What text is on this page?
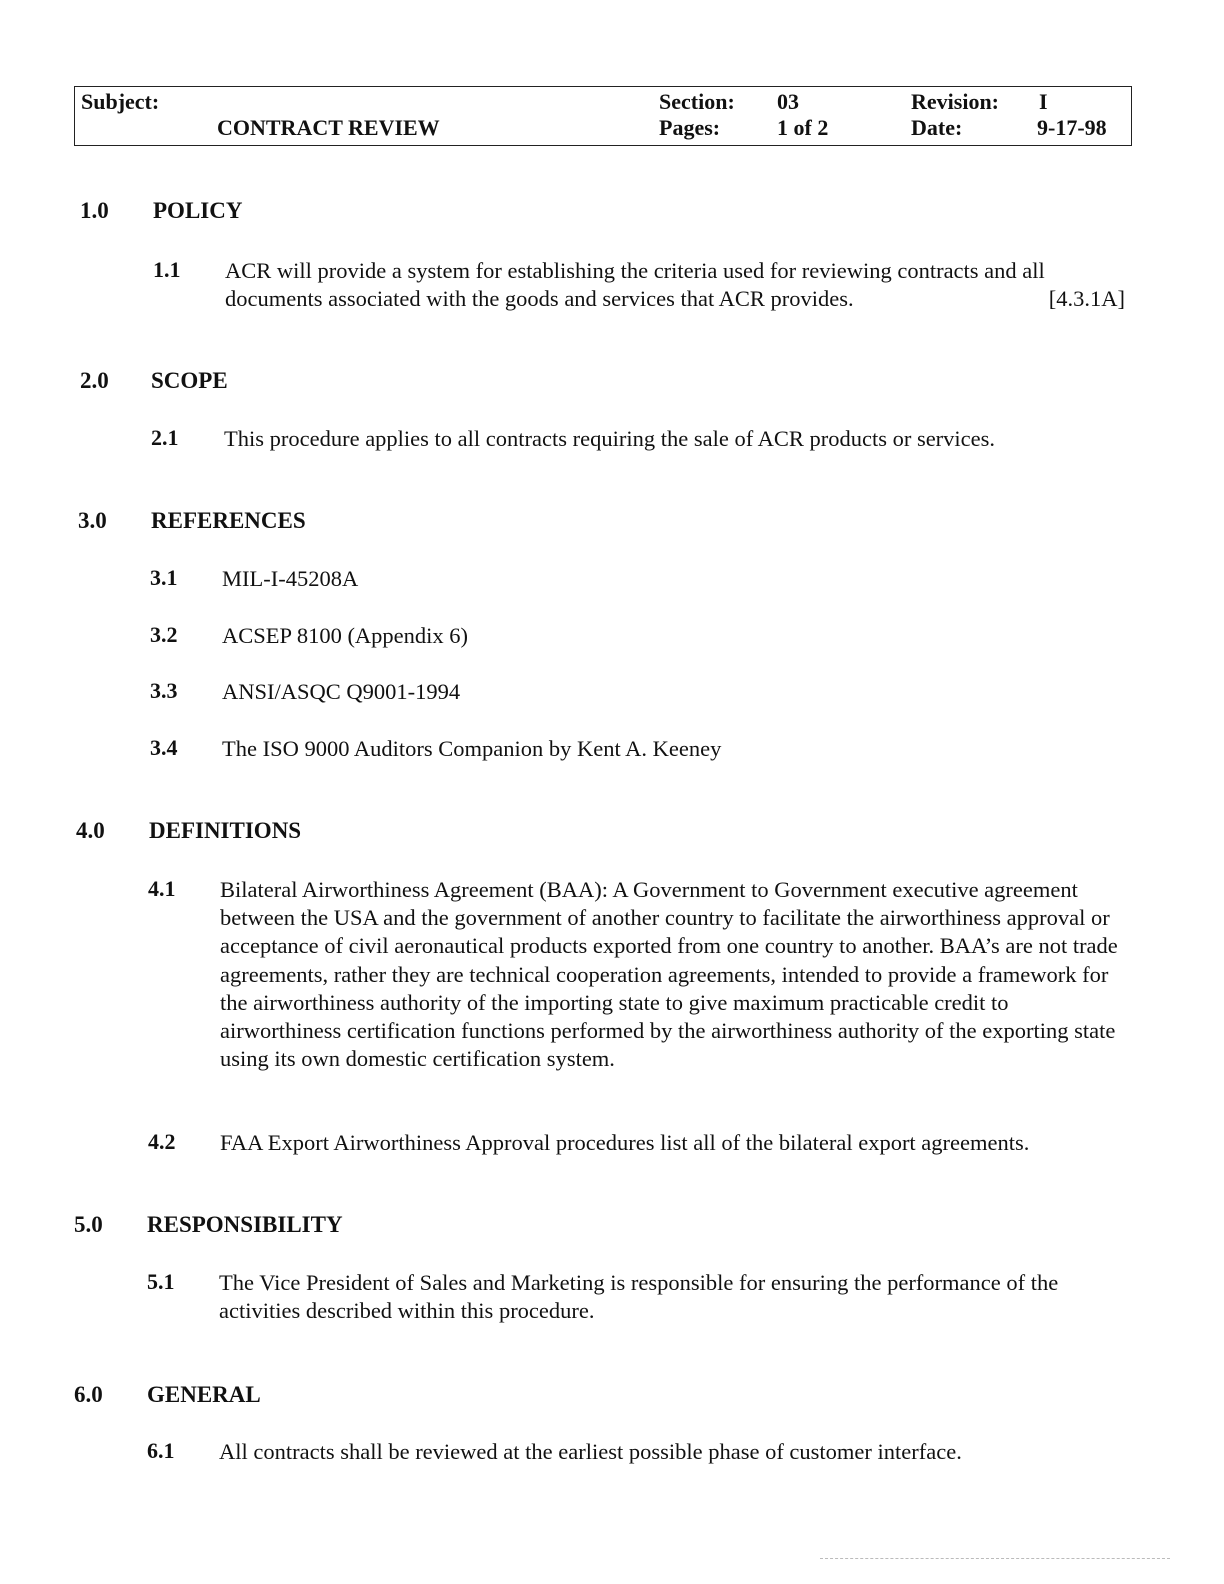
Subject:
CONTRACT REVIEW
Section: 03
Pages:	1 of 2
Revision: I
Date:	9-17-98
1.0 POLICY
1.1 ACR will provide a system for establishing the criteria used for reviewing contracts and all documents associated with the goods and services that ACR provides.	[4.3.1A]
2.0 SCOPE
2.1 This procedure applies to all contracts requiring the sale of ACR products or services.
3.0 REFERENCES
3.1 MIL-I-45208A
3.2 ACSEP 8100 (Appendix 6)
3.3 ANSI/ASQC Q9001-1994
3.4 The ISO 9000 Auditors Companion by Kent A. Keeney
4.0 DEFINITIONS
4.1 Bilateral Airworthiness Agreement (BAA): A Government to Government executive agreement between the USA and the government of another country to facilitate the airworthiness approval or acceptance of civil aeronautical products exported from one country to another. BAA’s are not trade agreements, rather they are technical cooperation agreements, intended to provide a framework for the airworthiness authority of the importing state to give maximum practicable credit to airworthiness certification functions performed by the airworthiness authority of the exporting state using its own domestic certification system.
4.2 FAA Export Airworthiness Approval procedures list all of the bilateral export agreements.
5.0 RESPONSIBILITY
5.1 The Vice President of Sales and Marketing is responsible for ensuring the performance of the activities described within this procedure.
6.0 GENERAL
6.1 All contracts shall be reviewed at the earliest possible phase of customer interface.
